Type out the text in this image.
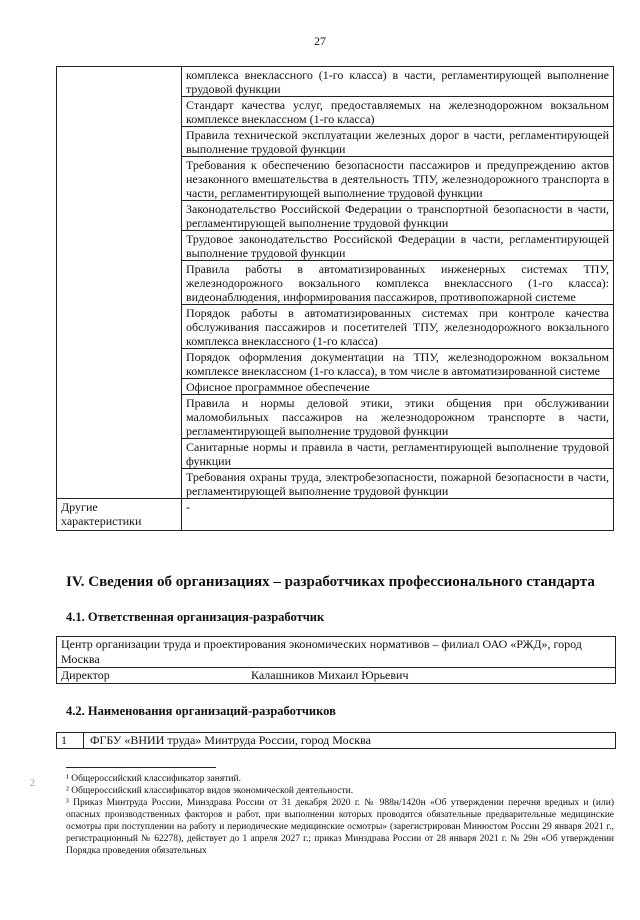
27
	комплекса внеклассного (1-го класса) в части, регламентирующей выполнение трудовой функции
	Стандарт качества услуг, предоставляемых на железнодорожном вокзальном комплексе внеклассном (1-го класса)
	Правила технической эксплуатации железных дорог в части, регламентирующей выполнение трудовой функции
	Требования к обеспечению безопасности пассажиров и предупреждению актов незаконного вмешательства в деятельность ТПУ, железнодорожного транспорта в части, регламентирующей выполнение трудовой функции
	Законодательство Российской Федерации о транспортной безопасности в части, регламентирующей выполнение трудовой функции
	Трудовое законодательство Российской Федерации в части, регламентирующей выполнение трудовой функции
	Правила работы в автоматизированных инженерных системах ТПУ, железнодорожного вокзального комплекса внеклассного (1-го класса): видеонаблюдения, информирования пассажиров, противопожарной системе
	Порядок работы в автоматизированных системах при контроле качества обслуживания пассажиров и посетителей ТПУ, железнодорожного вокзального комплекса внеклассного (1-го класса)
	Порядок оформления документации на ТПУ, железнодорожном вокзальном комплексе внеклассном (1-го класса), в том числе в автоматизированной системе
	Офисное программное обеспечение
	Правила и нормы деловой этики, этики общения при обслуживании маломобильных пассажиров на железнодорожном транспорте в части, регламентирующей выполнение трудовой функции
	Санитарные нормы и правила в части, регламентирующей выполнение трудовой функции
	Требования охраны труда, электробезопасности, пожарной безопасности в части, регламентирующей выполнение трудовой функции
Другие характеристики	-
IV. Сведения об организациях – разработчиках профессионального стандарта
4.1. Ответственная организация-разработчик
Центр организации труда и проектирования экономических нормативов – филиал ОАО «РЖД», город Москва
Директор	Калашников Михаил Юрьевич
4.2. Наименования организаций-разработчиков
1	ФГБУ «ВНИИ труда» Минтруда России, город Москва
2	¹ Общероссийский классификатор занятий.

² Общероссийский классификатор видов экономической деятельности.

³ Приказ Минтруда России, Минздрава России от 31 декабря 2020 г. № 988н/1420н «Об утверждении перечня вредных и (или) опасных производственных факторов и работ, при выполнении которых проводятся обязательные предварительные медицинские осмотры при поступлении на работу и периодические медицинские осмотры» (зарегистрирован Минюстом России 29 января 2021 г., регистрационный № 62278), действует до 1 апреля 2027 г.; приказ Минздрава России от 28 января 2021 г. № 29н «Об утверждении Порядка проведения обязательных
